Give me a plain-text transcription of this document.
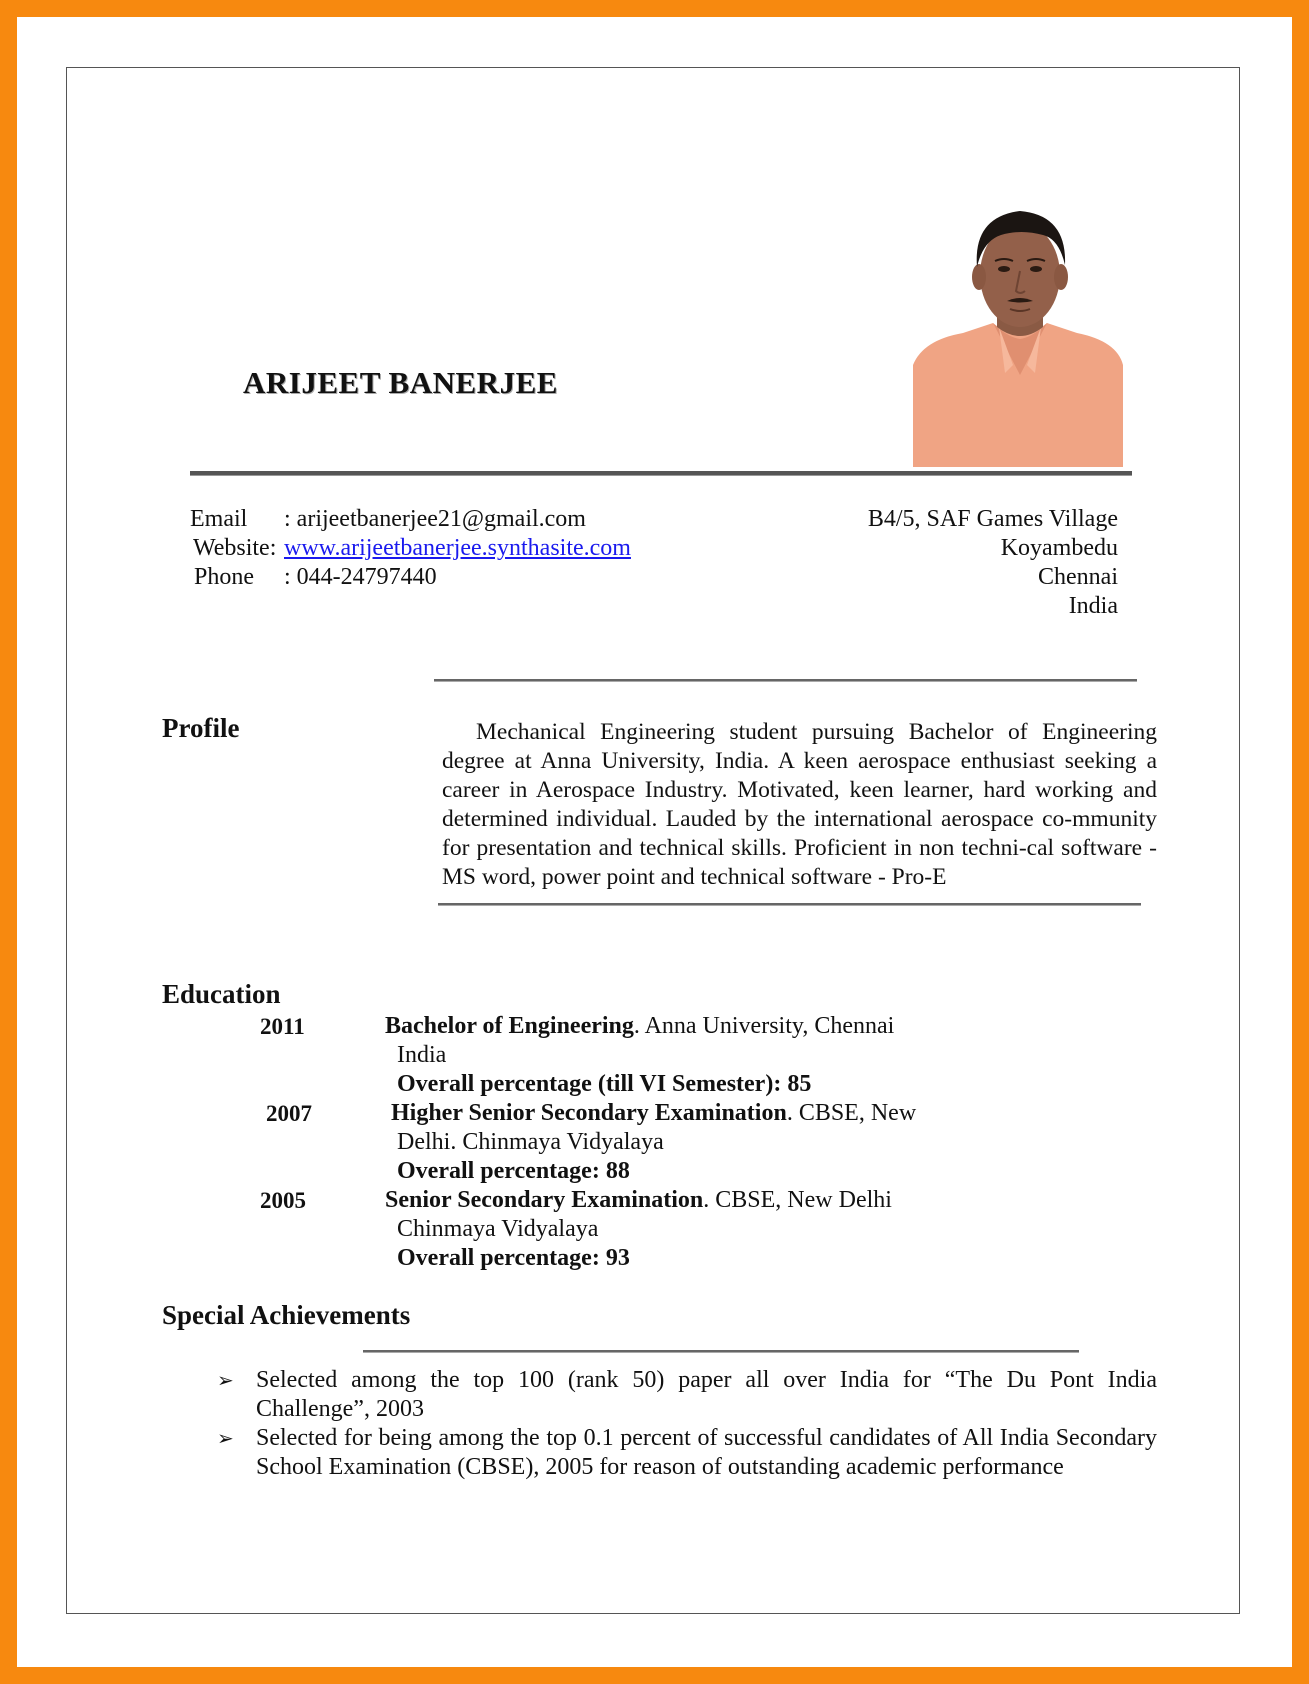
ARIJEET BANERJEE
Email : arijeetbanerjee21@gmail.com
Website: www.arijeetbanerjee.synthasite.com
Phone : 044-24797440
B4/5, SAF Games Village
Koyambedu
Chennai
India
Profile	Mechanical Engineering student pursuing Bachelor of Engineering degree at Anna University, India. A keen aerospace enthusiast seeking a career in Aerospace Industry. Motivated, keen learner, hard working and determined individual. Lauded by the international aerospace co-mmunity for presentation and technical skills. Proficient in non techni-cal software - MS word, power point and technical software - Pro-E
Education
2011	Bachelor of Engineering. Anna University, Chennai
India
Overall percentage (till VI Semester): 85
2007	Higher Senior Secondary Examination. CBSE, New
Delhi. Chinmaya Vidyalaya
Overall percentage: 88
2005	Senior Secondary Examination. CBSE, New Delhi
Chinmaya Vidyalaya
Overall percentage: 93
Special Achievements
➢ Selected among the top 100 (rank 50) paper all over India for “The Du Pont India Challenge”, 2003
➢ Selected for being among the top 0.1 percent of successful candidates of All India Secondary School Examination (CBSE), 2005 for reason of outstanding academic performance
